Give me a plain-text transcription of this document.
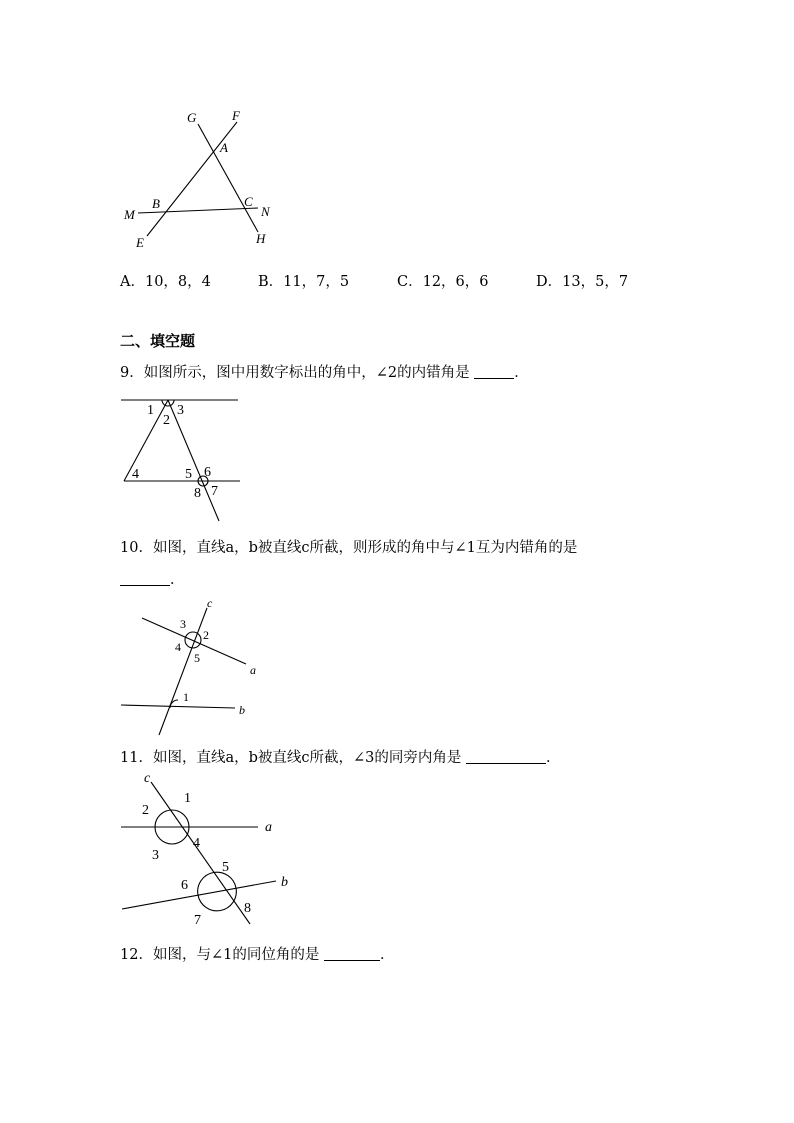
G	F
A
B	C
M	N
E	H
A．10，8，4	B．11，7，5	C．12，6，6	D．13，5，7
二、填空题
9．如图所示，图中用数字标出的角中，∠2的内错角是	．
1
2
3
4	5 6
8 7
10．如图，直线a，b被直线c所截，则形成的角中与∠1互为内错角的是
．
c
a
b
3
2
4
5
1
11．如图，直线a，b被直线c所截，∠3的同旁内角是	．
c
a
b
1
2
3
4
5
6
7
8
12．如图，与∠1的同位角的是	．
